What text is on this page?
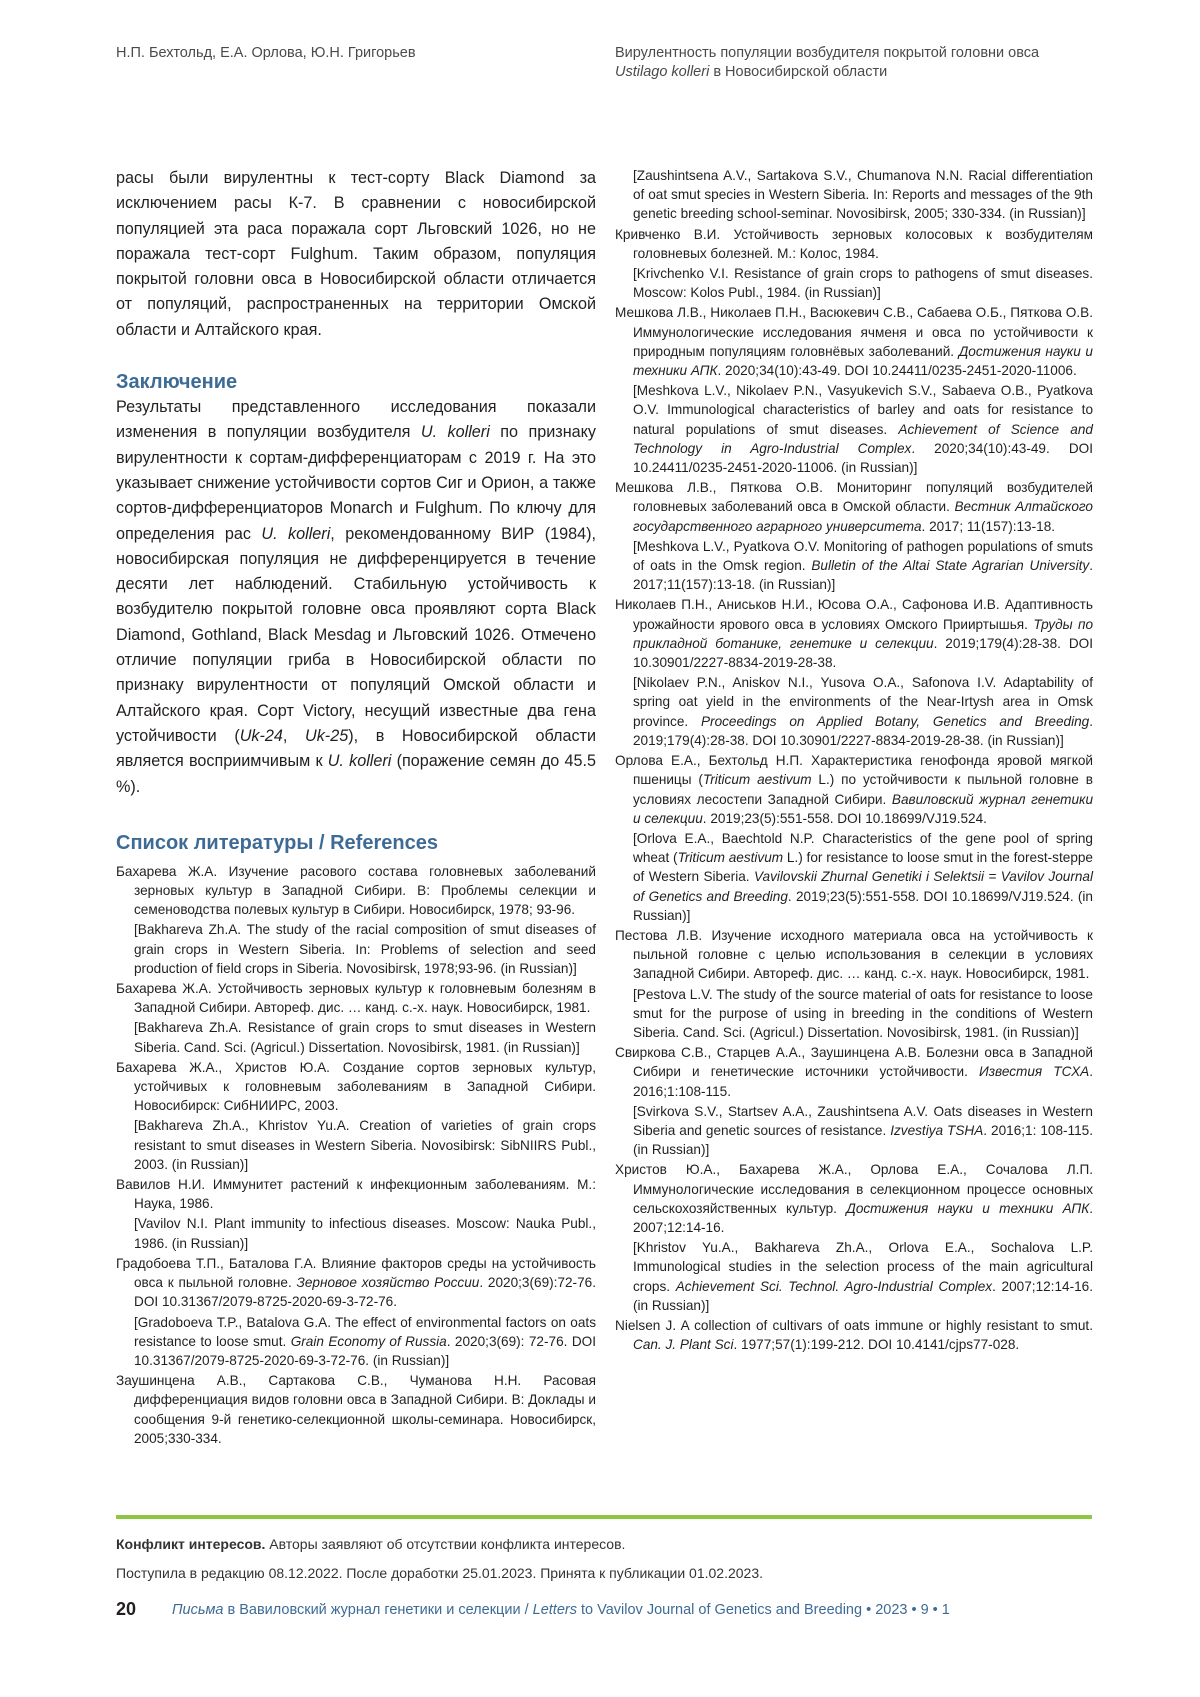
Н.П. Бехтольд, Е.А. Орлова, Ю.Н. Григорьев	Вирулентность популяции возбудителя покрытой головни овса
Ustilago kolleri в Новосибирской области

расы были вирулентны к тест-сорту Black Diamond за исключением расы К-7. В сравнении с новосибирской популяцией эта раса поражала сорт Льговский 1026, но не поражала тест-сорт Fulghum. Таким образом, популяция покрытой головни овса в Новосибирской области отличается от популяций, распространенных на территории Омской области и Алтайского края.

Заключение

Результаты представленного исследования показали изменения в популяции возбудителя U. kolleri по признаку вирулентности к сортам-дифференциаторам с 2019 г. На это указывает снижение устойчивости сортов Сиг и Орион, а также сортов-дифференциаторов Monarch и Fulghum. По ключу для определения рас U. kolleri, рекомендованному ВИР (1984), новосибирская популяция не дифференцируется в течение десяти лет наблюдений. Стабильную устойчивость к возбудителю покрытой головне овса проявляют сорта Black Diamond, Gothland, Black Mesdag и Льговский 1026. Отмечено отличие популяции гриба в Новосибирской области по признаку вирулентности от популяций Омской области и Алтайского края. Сорт Victory, несущий известные два гена устойчивости (Uk-24, Uk-25), в Новосибирской области является восприимчивым к U. kolleri (поражение семян до 45.5 %).

Список литературы / References

Бахарева Ж.А. Изучение расового состава головневых заболеваний зерновых культур в Западной Сибири. В: Проблемы селекции и семеноводства полевых культур в Сибири. Новосибирск, 1978; 93-96.

[Bakhareva Zh.A. The study of the racial composition of smut diseases of grain crops in Western Siberia. In: Problems of selection and seed production of field crops in Siberia. Novosibirsk, 1978;93-96. (in Russian)]

Бахарева Ж.А. Устойчивость зерновых культур к головневым болезням в Западной Сибири. Автореф. дис. … канд. с.-х. наук. Новосибирск, 1981.

[Bakhareva Zh.A. Resistance of grain crops to smut diseases in Western Siberia. Cand. Sci. (Agricul.) Dissertation. Novosibirsk, 1981. (in Russian)]

Бахарева Ж.А., Христов Ю.А. Создание сортов зерновых культур, устойчивых к головневым заболеваниям в Западной Сибири. Новосибирск: СибНИИРС, 2003.

[Bakhareva Zh.A., Khristov Yu.A. Creation of varieties of grain crops resistant to smut diseases in Western Siberia. Novosibirsk: SibNIIRS Publ., 2003. (in Russian)]

Вавилов Н.И. Иммунитет растений к инфекционным заболеваниям. М.: Наука, 1986.

[Vavilov N.I. Plant immunity to infectious diseases. Moscow: Nauka Publ., 1986. (in Russian)]

Градобоева Т.П., Баталова Г.А. Влияние факторов среды на устойчивость овса к пыльной головне. Зерновое хозяйство России. 2020;3(69):72-76. DOI 10.31367/2079-8725-2020-69-3-72-76.

[Gradoboeva T.P., Batalova G.A. The effect of environmental factors on oats resistance to loose smut. Grain Economy of Russia. 2020;3(69): 72-76. DOI 10.31367/2079-8725-2020-69-3-72-76. (in Russian)]

Заушинцена А.В., Сартакова С.В., Чуманова Н.Н. Расовая дифференциация видов головни овса в Западной Сибири. В: Доклады и сообщения 9-й генетико-селекционной школы-семинара. Новосибирск, 2005;330-334.

[Zaushintsena A.V., Sartakova S.V., Chumanova N.N. Racial differentiation of oat smut species in Western Siberia. In: Reports and messages of the 9th genetic breeding school-seminar. Novosibirsk, 2005; 330-334. (in Russian)]

Кривченко В.И. Устойчивость зерновых колосовых к возбудителям головневых болезней. М.: Колос, 1984.

[Krivchenko V.I. Resistance of grain crops to pathogens of smut diseases. Moscow: Kolos Publ., 1984. (in Russian)]

Мешкова Л.В., Николаев П.Н., Васюкевич С.В., Сабаева О.Б., Пяткова О.В. Иммунологические исследования ячменя и овса по устойчивости к природным популяциям головнёвых заболеваний. Достижения науки и техники АПК. 2020;34(10):43-49. DOI 10.24411/0235-2451-2020-11006.

[Meshkova L.V., Nikolaev P.N., Vasyukevich S.V., Sabaeva O.B., Pyatkova O.V. Immunological characteristics of barley and oats for resistance to natural populations of smut diseases. Achievement of Science and Technology in Agro-Industrial Complex. 2020;34(10):43-49. DOI 10.24411/0235-2451-2020-11006. (in Russian)]

Мешкова Л.В., Пяткова О.В. Мониторинг популяций возбудителей головневых заболеваний овса в Омской области. Вестник Алтайского государственного аграрного университета. 2017; 11(157):13-18.

[Meshkova L.V., Pyatkova O.V. Monitoring of pathogen populations of smuts of oats in the Omsk region. Bulletin of the Altai State Agrarian University. 2017;11(157):13-18. (in Russian)]

Николаев П.Н., Аниськов Н.И., Юсова О.А., Сафонова И.В. Адаптивность урожайности ярового овса в условиях Омского Прииртышья. Труды по прикладной ботанике, генетике и селекции. 2019;179(4):28-38. DOI 10.30901/2227-8834-2019-28-38.

[Nikolaev P.N., Aniskov N.I., Yusova O.A., Safonova I.V. Adaptability of spring oat yield in the environments of the Near-Irtysh area in Omsk province. Proceedings on Applied Botany, Genetics and Breeding. 2019;179(4):28-38. DOI 10.30901/2227-8834-2019-28-38. (in Russian)]

Орлова Е.А., Бехтольд Н.П. Характеристика генофонда яровой мягкой пшеницы (Triticum aestivum L.) по устойчивости к пыльной головне в условиях лесостепи Западной Сибири. Вавиловский журнал генетики и селекции. 2019;23(5):551-558. DOI 10.18699/VJ19.524.

[Orlova E.A., Baechtold N.P. Characteristics of the gene pool of spring wheat (Triticum aestivum L.) for resistance to loose smut in the forest-steppe of Western Siberia. Vavilovskii Zhurnal Genetiki i Selektsii = Vavilov Journal of Genetics and Breeding. 2019;23(5):551-558. DOI 10.18699/VJ19.524. (in Russian)]

Пестова Л.В. Изучение исходного материала овса на устойчивость к пыльной головне с целью использования в селекции в условиях Западной Сибири. Автореф. дис. … канд. с.-х. наук. Новосибирск, 1981.

[Pestova L.V. The study of the source material of oats for resistance to loose smut for the purpose of using in breeding in the conditions of Western Siberia. Cand. Sci. (Agricul.) Dissertation. Novosibirsk, 1981. (in Russian)]

Свиркова С.В., Старцев А.А., Заушинцена А.В. Болезни овса в Западной Сибири и генетические источники устойчивости. Известия ТСХА. 2016;1:108-115.

[Svirkova S.V., Startsev A.A., Zaushintsena A.V. Oats diseases in Western Siberia and genetic sources of resistance. Izvestiya TSHA. 2016;1: 108-115. (in Russian)]

Христов Ю.А., Бахарева Ж.А., Орлова Е.А., Сочалова Л.П. Иммунологические исследования в селекционном процессе основных сельскохозяйственных культур. Достижения науки и техники АПК. 2007;12:14-16.

[Khristov Yu.A., Bakhareva Zh.A., Orlova E.A., Sochalova L.P. Immunological studies in the selection process of the main agricultural crops. Achievement Sci. Technol. Agro-Industrial Complex. 2007;12:14-16. (in Russian)]

Nielsen J. A collection of cultivars of oats immune or highly resistant to smut. Can. J. Plant Sci. 1977;57(1):199-212. DOI 10.4141/cjps77-028.

Конфликт интересов. Авторы заявляют об отсутствии конфликта интересов.
Поступила в редакцию 08.12.2022. После доработки 25.01.2023. Принята к публикации 01.02.2023.
20 Письма в Вавиловский журнал генетики и селекции / Letters to Vavilov Journal of Genetics and Breeding • 2023 • 9 • 1
